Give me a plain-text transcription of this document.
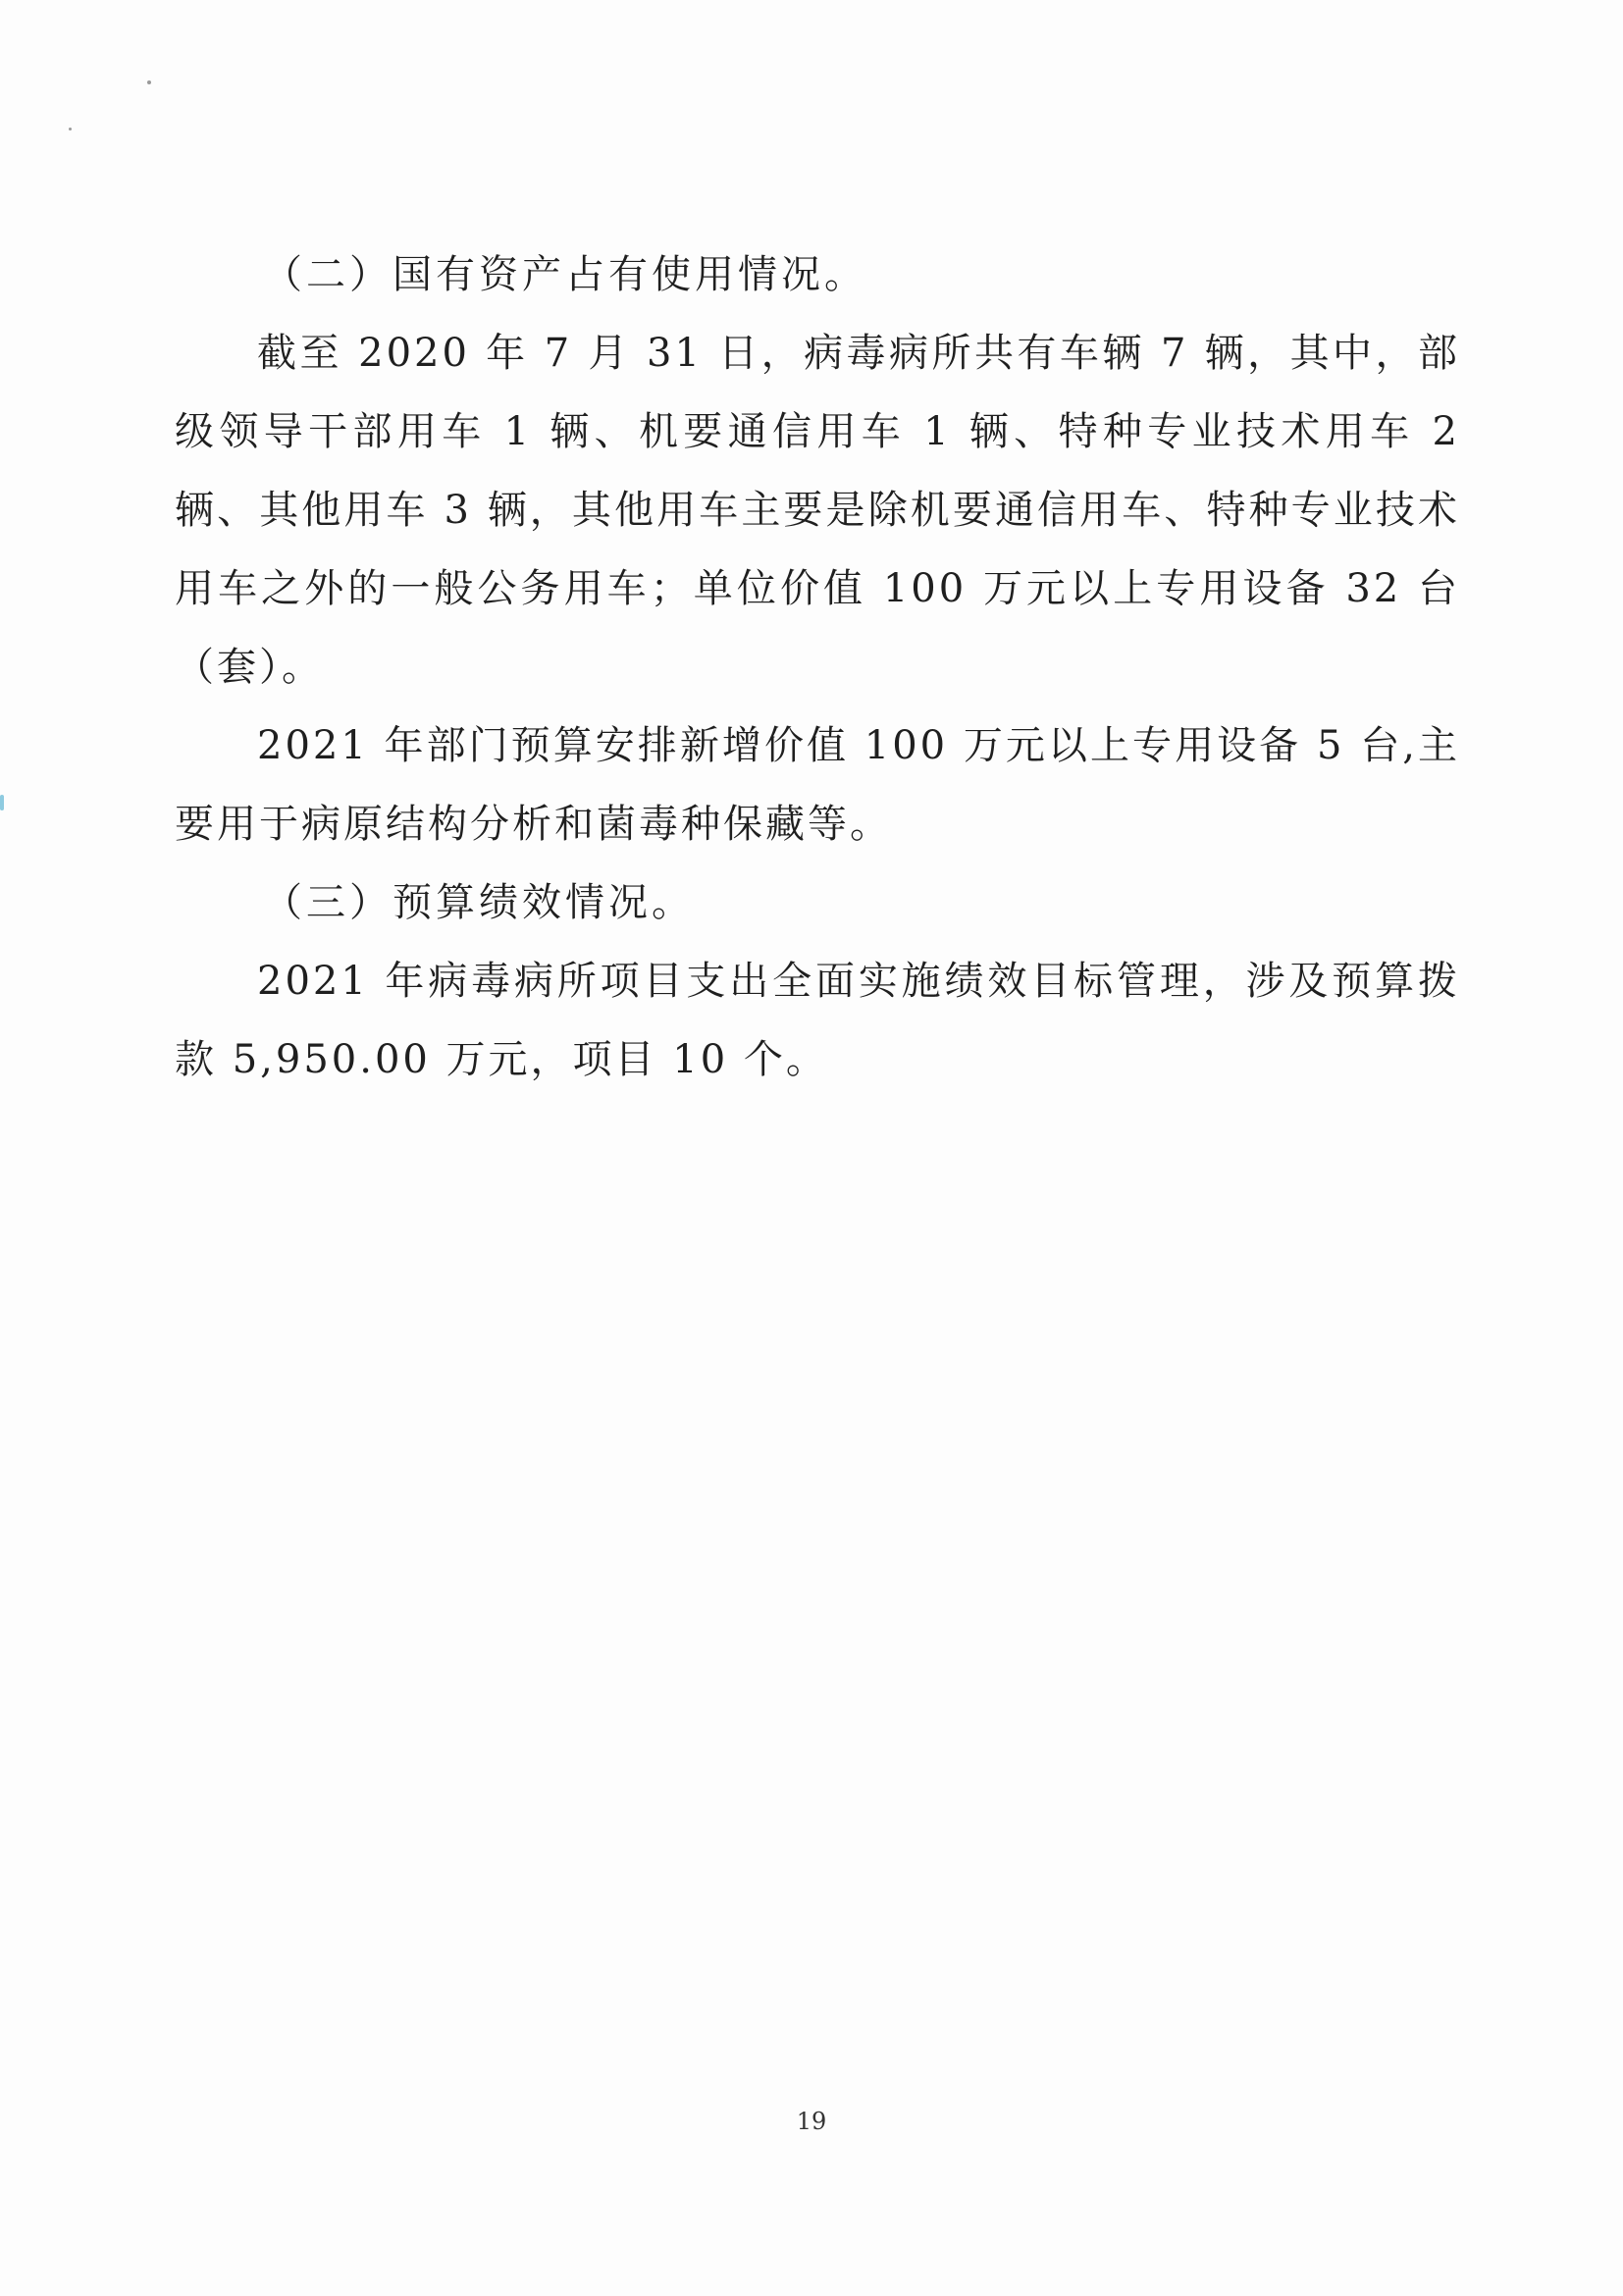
（二）国有资产占有使用情况。

截至 2020 年 7 月 31 日，病毒病所共有车辆 7 辆，其中，部级领导干部用车 1 辆、机要通信用车 1 辆、特种专业技术用车 2 辆、其他用车 3 辆，其他用车主要是除机要通信用车、特种专业技术用车之外的一般公务用车；单位价值 100 万元以上专用设备 32 台（套）。

2021 年部门预算安排新增价值 100 万元以上专用设备 5 台,主要用于病原结构分析和菌毒种保藏等。

（三）预算绩效情况。

2021 年病毒病所项目支出全面实施绩效目标管理，涉及预算拨款 5,950.00 万元，项目 10 个。

19
